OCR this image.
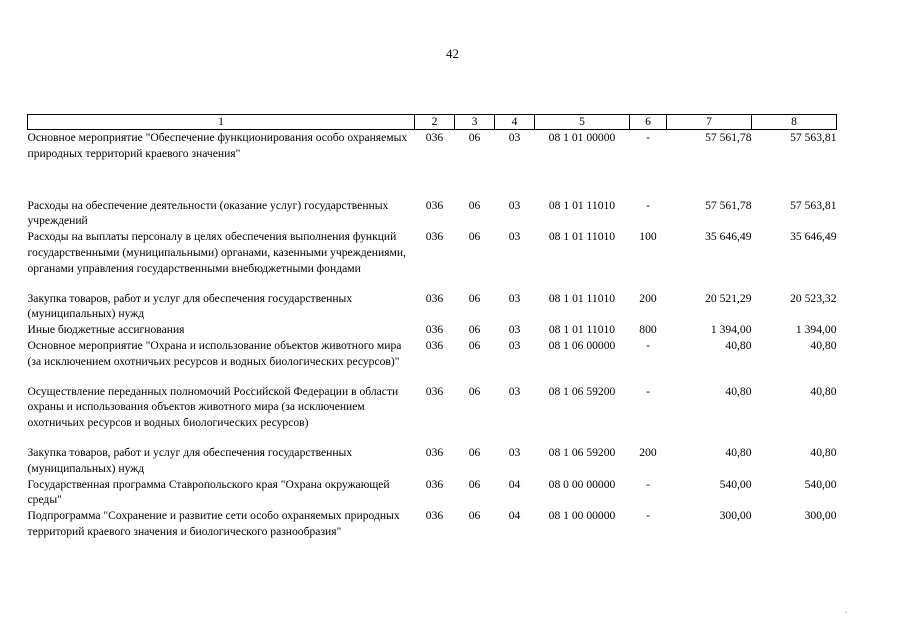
42
1	2	3	4	5	6	7	8
Основное мероприятие "Обеспечение функционирования особо охраняемых природных территорий краевого значения"	036	06	03	08 1 01 00000	-	57 561,78	57 563,81

Расходы на обеспечение деятельности (оказание услуг) государственных учреждений	036	06	03	08 1 01 11010	-	57 561,78	57 563,81
Расходы на выплаты персоналу в целях обеспечения выполнения функций государственными (муниципальными) органами, казенными учреждениями, органами управления государственными внебюджетными фондами	036	06	03	08 1 01 11010	100	35 646,49	35 646,49

Закупка товаров, работ и услуг для обеспечения государственных (муниципальных) нужд	036	06	03	08 1 01 11010	200	20 521,29	20 523,32
Иные бюджетные ассигнования	036	06	03	08 1 01 11010	800	1 394,00	1 394,00
Основное мероприятие "Охрана и использование объектов животного мира (за исключением охотничьих ресурсов и водных биологических ресурсов)"	036	06	03	08 1 06 00000	-	40,80	40,80

Осуществление переданных полномочий Российской Федерации в области охраны и использования объектов животного мира (за исключением охотничьих ресурсов и водных биологических ресурсов)	036	06	03	08 1 06 59200	-	40,80	40,80

Закупка товаров, работ и услуг для обеспечения государственных (муниципальных) нужд	036	06	03	08 1 06 59200	200	40,80	40,80
Государственная программа Ставропольского края "Охрана окружающей среды"	036	06	04	08 0 00 00000	-	540,00	540,00
Подпрограмма "Сохранение и развитие сети особо охраняемых природных территорий краевого значения и биологического разнообразия"	036	06	04	08 1 00 00000	-	300,00	300,00
.
